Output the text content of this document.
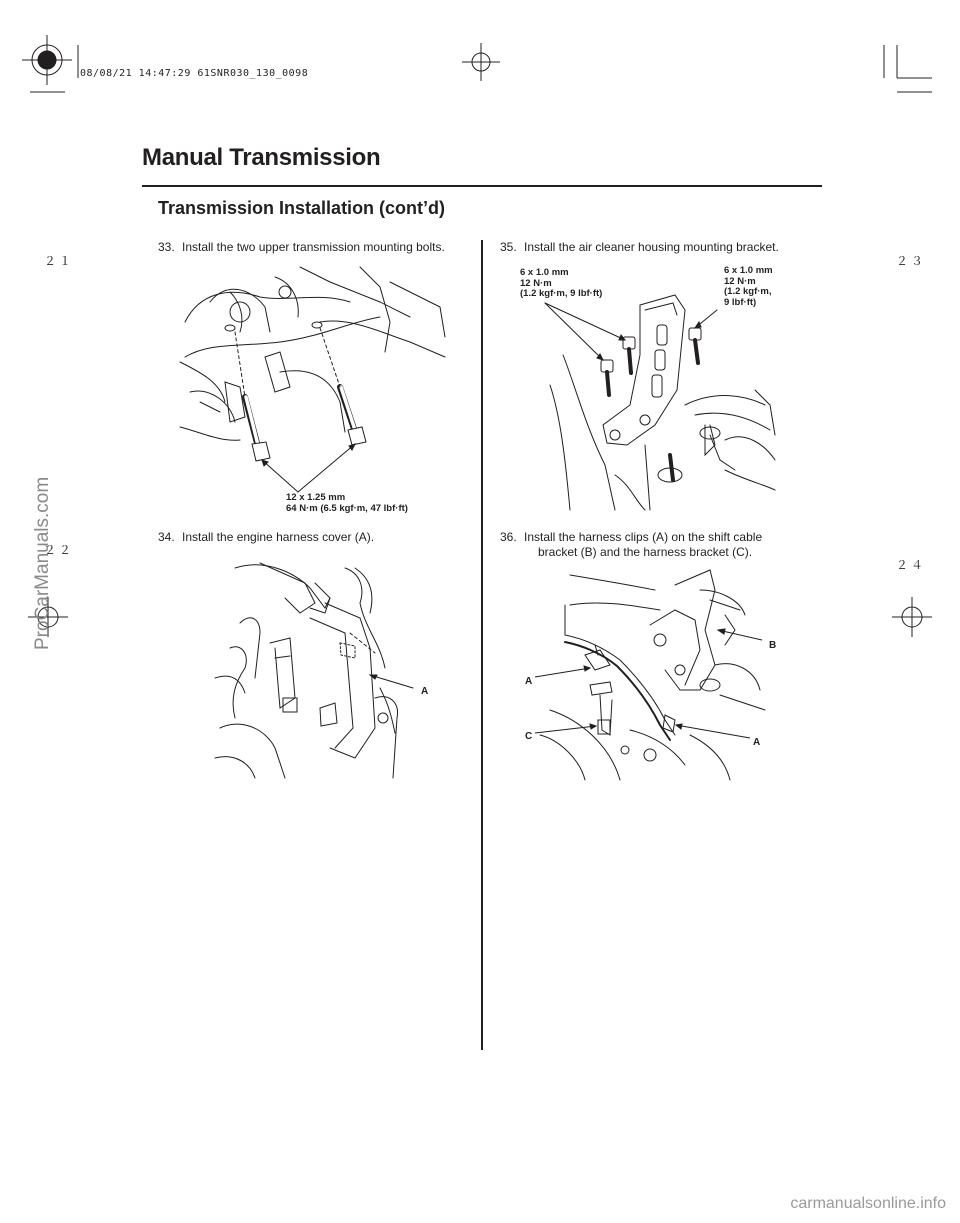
08/08/21 14:47:29 61SNR030_130_0098
Manual Transmission
Transmission Installation (cont’d)
２１
２２
２３
２４
33. Install the two upper transmission mounting bolts.
12 x 1.25 mm
64 N·m (6.5 kgf·m, 47 lbf·ft)
34. Install the engine harness cover (A).
A
35. Install the air cleaner housing mounting bracket.
6 x 1.0 mm
12 N·m
(1.2 kgf·m, 9 lbf·ft)
6 x 1.0 mm
12 N·m
(1.2 kgf·m,
9 lbf·ft)
36. Install the harness clips (A) on the shift cable
bracket (B) and the harness bracket (C).
B
A
C
A
ProCarManuals.com
carmanualsonline.info
